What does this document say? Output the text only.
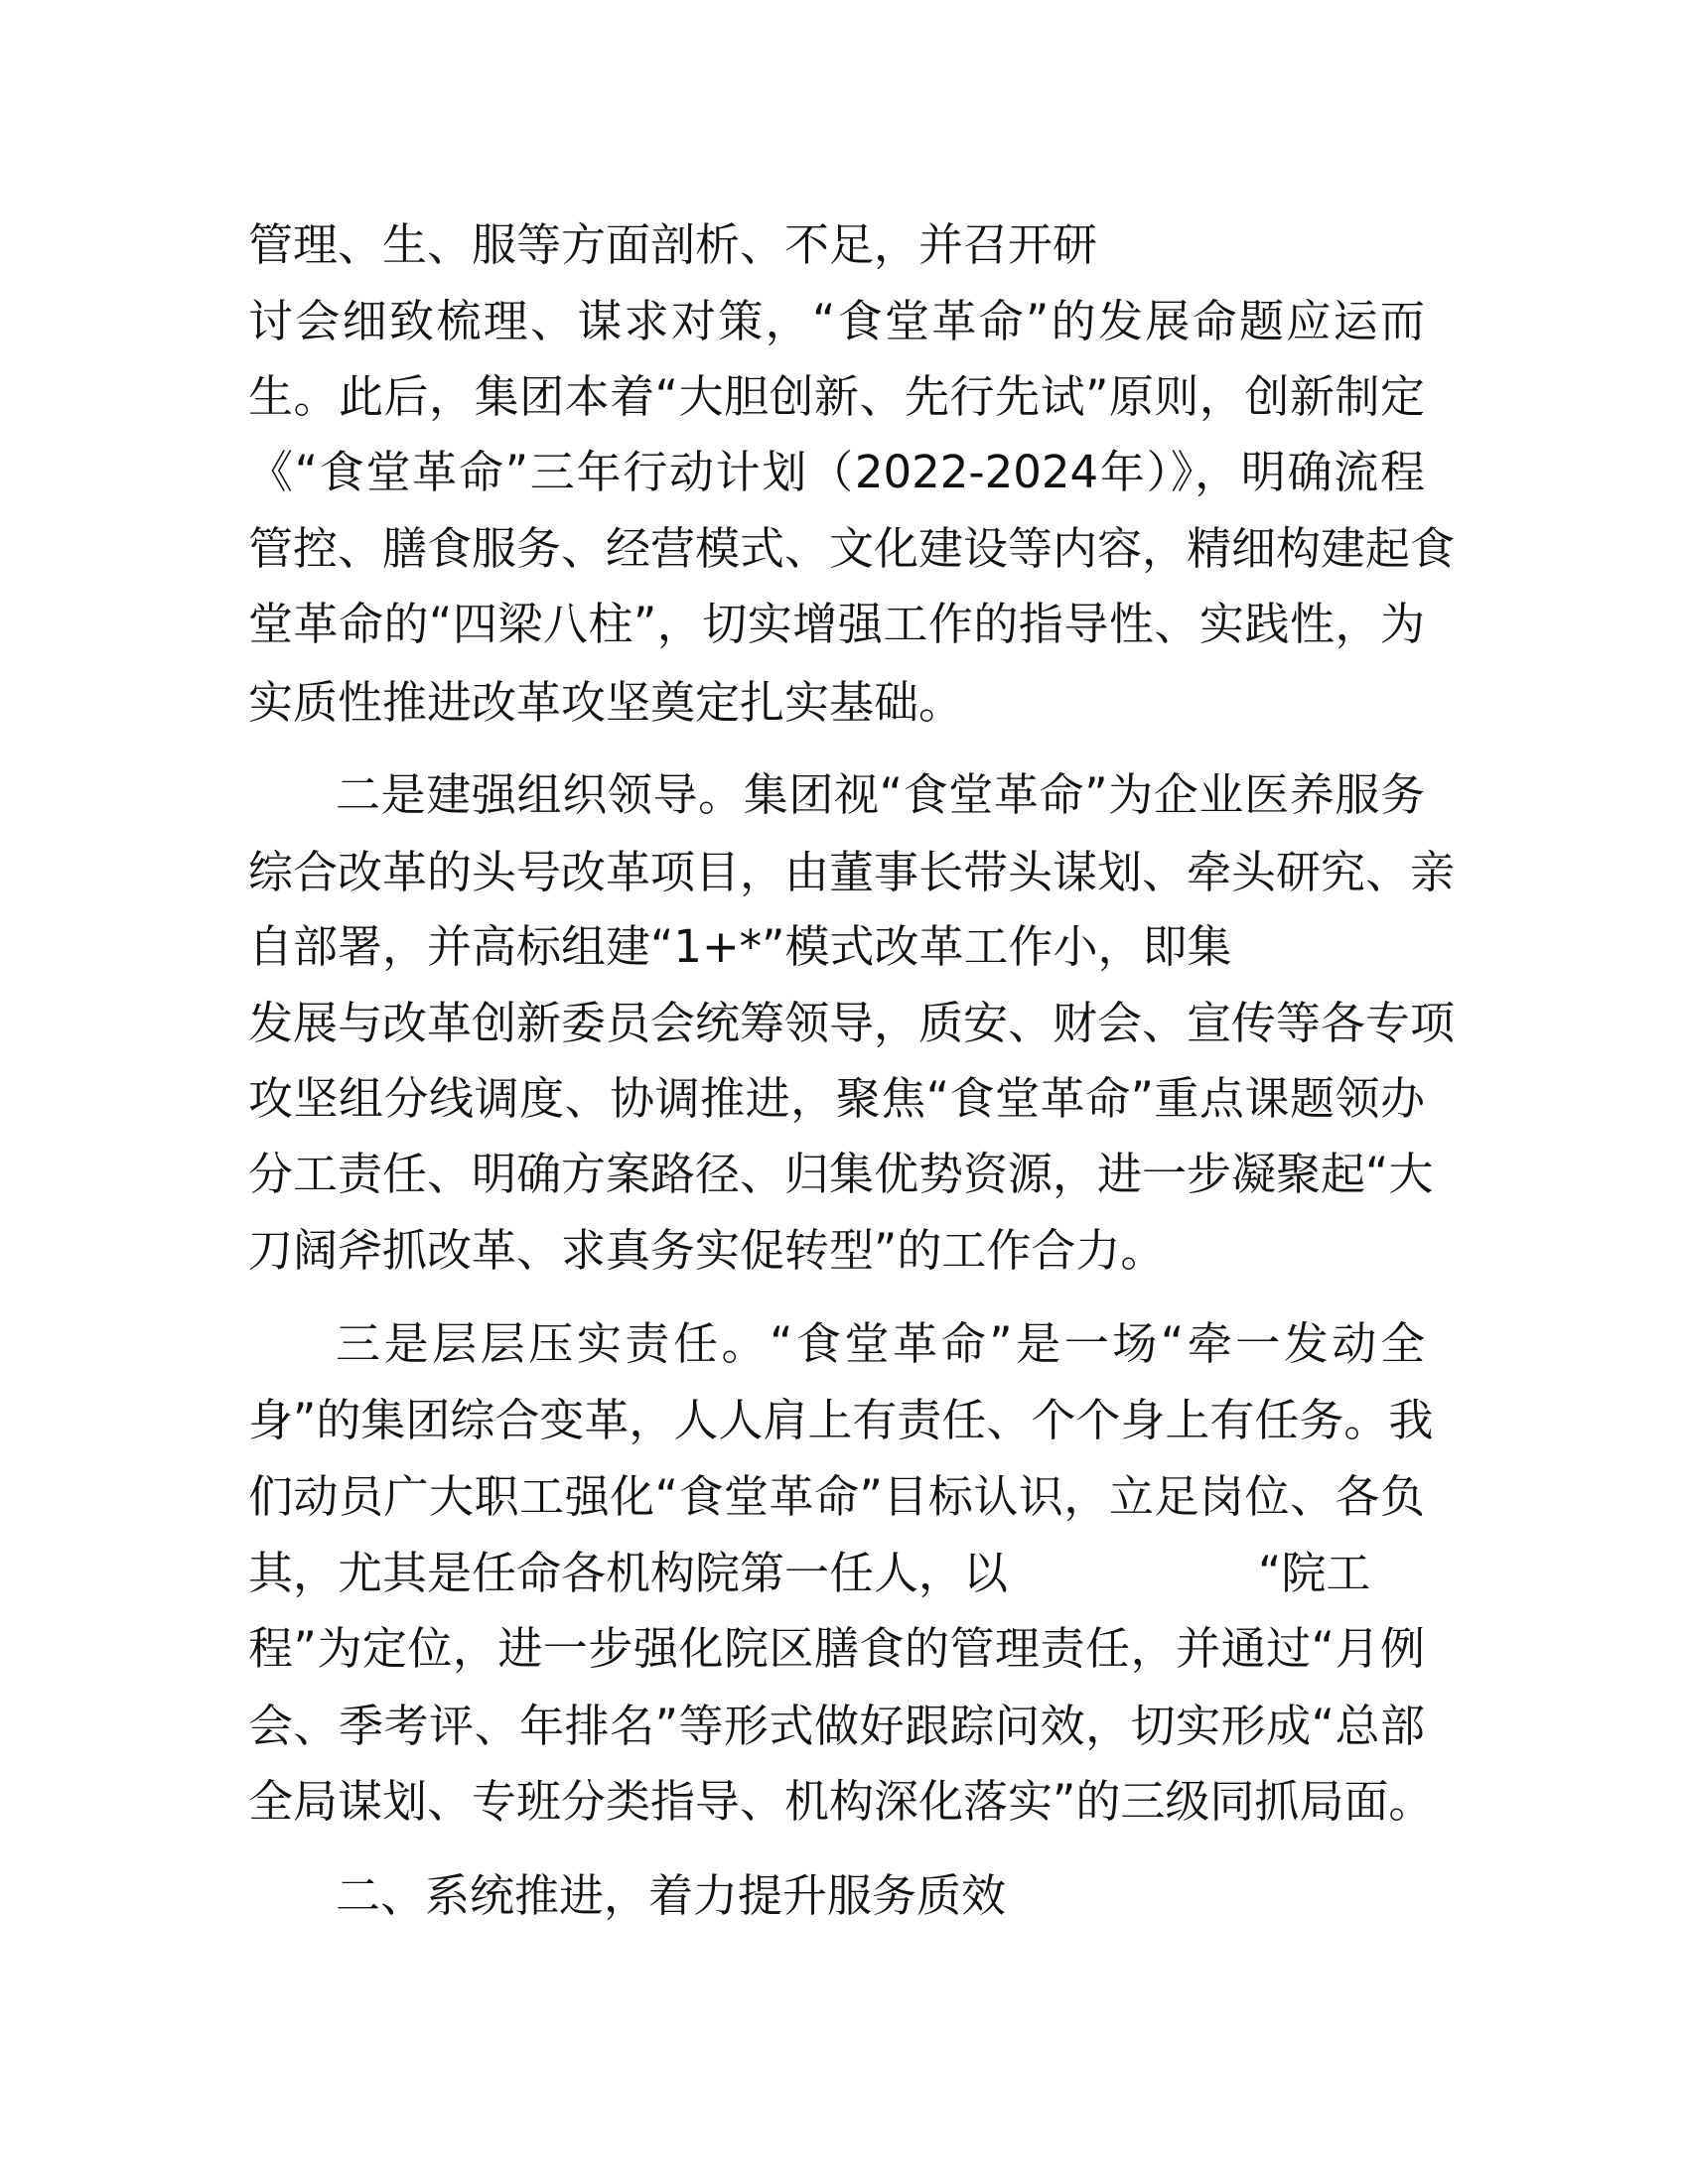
管理、生、服等方面剖析、不足，并召开研
讨会细致梳理、谋求对策，“食堂革命”的发展命题应运而
生。此后，集团本着“大胆创新、先行先试”原则，创新制定
《“食堂革命”三年行动计划（2022-2024年）》，明确流程
管控、膳食服务、经营模式、文化建设等内容，精细构建起食
堂革命的“四梁八柱”，切实增强工作的指导性、实践性，为
实质性推进改革攻坚奠定扎实基础。
二是建强组织领导。集团视“食堂革命”为企业医养服务
综合改革的头号改革项目，由董事长带头谋划、牵头研究、亲
自部署，并高标组建“1+*”模式改革工作小，即集
发展与改革创新委员会统筹领导，质安、财会、宣传等各专项
攻坚组分线调度、协调推进，聚焦“食堂革命”重点课题领办
分工责任、明确方案路径、归集优势资源，进一步凝聚起“大
刀阔斧抓改革、求真务实促转型”的工作合力。
三是层层压实责任。“食堂革命”是一场“牵一发动全
身”的集团综合变革，人人肩上有责任、个个身上有任务。我
们动员广大职工强化“食堂革命”目标认识，立足岗位、各负
其，尤其是任命各机构院第一任人，以	“院工
程”为定位，进一步强化院区膳食的管理责任，并通过“月例
会、季考评、年排名”等形式做好跟踪问效，切实形成“总部
全局谋划、专班分类指导、机构深化落实”的三级同抓局面。
二、系统推进，着力提升服务质效
